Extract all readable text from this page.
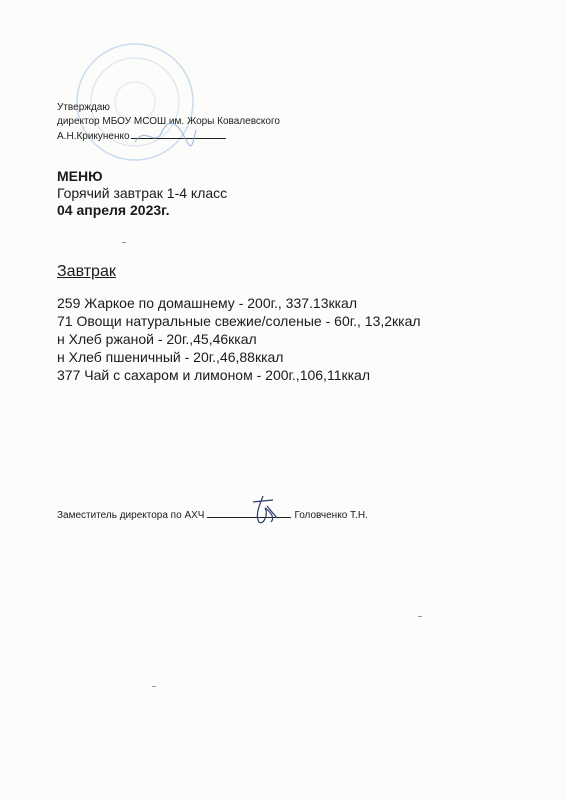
Утверждаю
директор МБОУ МСОШ им. Жоры Ковалевского
А.Н.Крикуненко
МЕНЮ
Горячий завтрак 1-4 класс
04 апреля 2023г.
Завтрак
259 Жаркое по домашнему - 200г., 337.13ккал
71 Овощи натуральные свежие/соленые - 60г., 13,2ккал
н Хлеб ржаной - 20г.,45,46ккал
н Хлеб пшеничный - 20г.,46,88ккал
377 Чай с сахаром и лимоном - 200г.,106,11ккал
Заместитель директора по АХЧ	Головченко Т.Н.
